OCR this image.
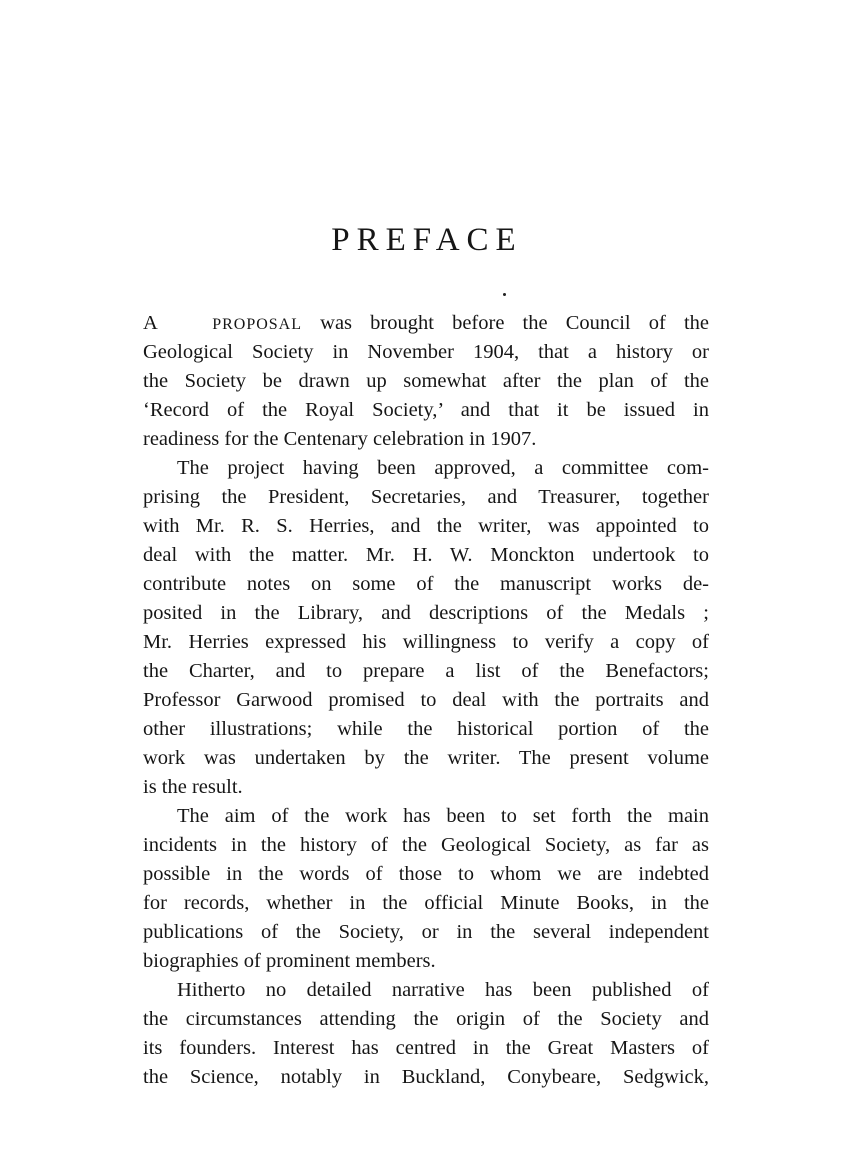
PREFACE
A	PROPOSAL was brought before the Council of the
Geological Society in November 1904, that a history or
the Society be drawn up somewhat after the plan of the
‘Record of the Royal Society,’ and that it be issued in
readiness for the Centenary celebration in 1907.
The project having been approved, a committee com-
prising the President, Secretaries, and Treasurer, together
with Mr. R. S. Herries, and the writer, was appointed to
deal with the matter. Mr. H. W. Monckton undertook to
contribute notes on some of the manuscript works de-
posited in the Library, and descriptions of the Medals ;
Mr. Herries expressed his willingness to verify a copy of
the Charter, and to prepare a list of the Benefactors;
Professor Garwood promised to deal with the portraits and
other illustrations; while the historical portion of the
work was undertaken by the writer. The present volume
is the result.
The aim of the work has been to set forth the main
incidents in the history of the Geological Society, as far as
possible in the words of those to whom we are indebted
for records, whether in the official Minute Books, in the
publications of the Society, or in the several independent
biographies of prominent members.
Hitherto no detailed narrative has been published of
the circumstances attending the origin of the Society and
its founders. Interest has centred in the Great Masters of
the Science, notably in Buckland, Conybeare, Sedgwick,
